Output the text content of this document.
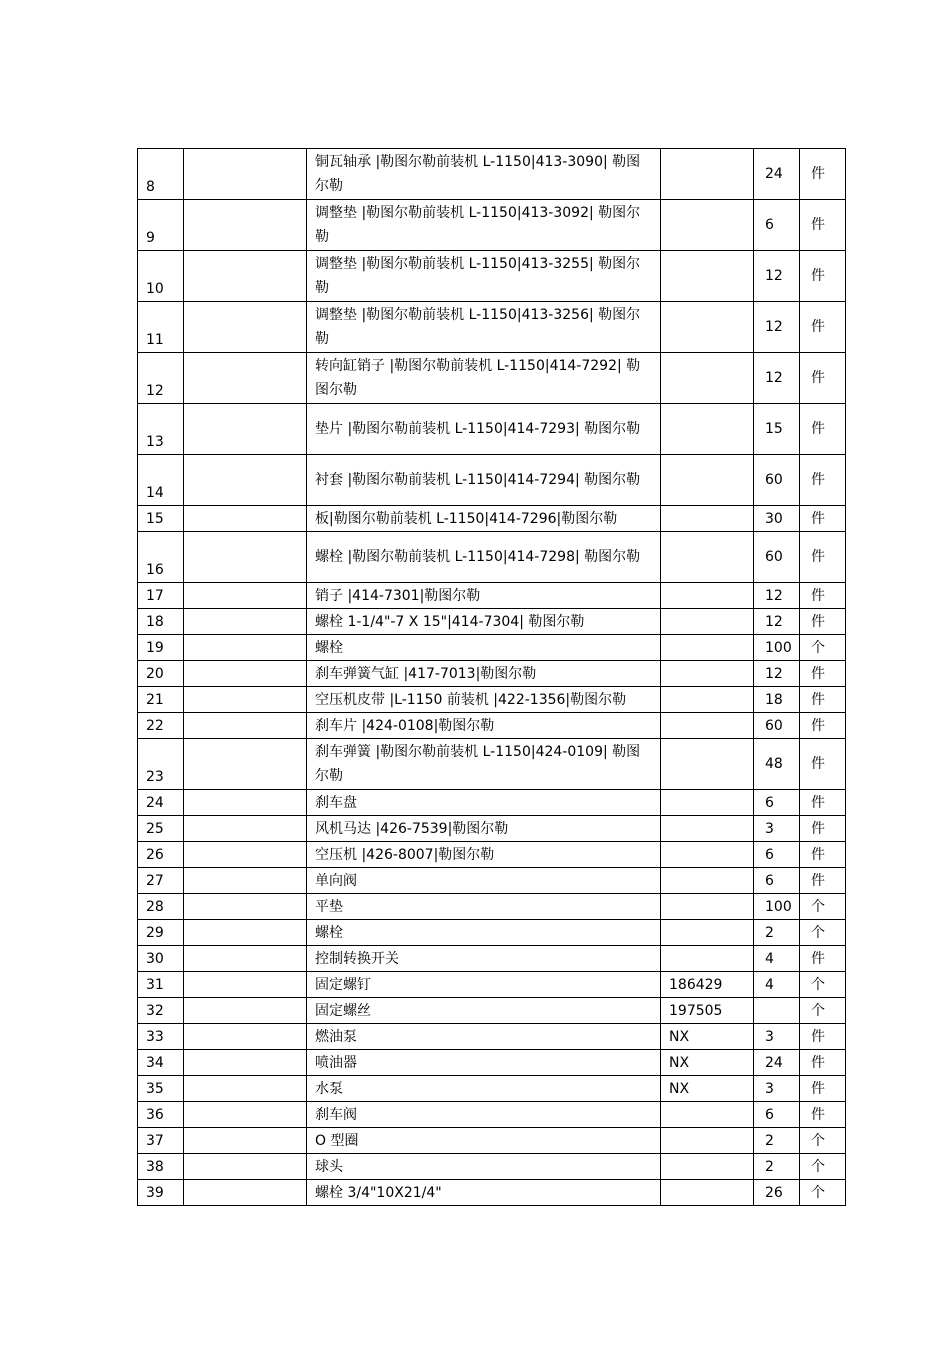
8		铜瓦轴承 |勒图尔勒前装机 L-1150|413-3090| 勒图尔勒		24	件
9		调整垫 |勒图尔勒前装机 L-1150|413-3092| 勒图尔勒		6	件
10		调整垫 |勒图尔勒前装机 L-1150|413-3255| 勒图尔勒		12	件
11		调整垫 |勒图尔勒前装机 L-1150|413-3256| 勒图尔勒		12	件
12		转向缸销子 |勒图尔勒前装机 L-1150|414-7292| 勒图尔勒		12	件
13		垫片 |勒图尔勒前装机 L-1150|414-7293| 勒图尔勒		15	件
14		衬套 |勒图尔勒前装机 L-1150|414-7294| 勒图尔勒		60	件
15		板|勒图尔勒前装机 L-1150|414-7296|勒图尔勒		30	件
16		螺栓 |勒图尔勒前装机 L-1150|414-7298| 勒图尔勒		60	件
17		销子 |414-7301|勒图尔勒		12	件
18		螺栓 1-1/4"-7 X 15"|414-7304| 勒图尔勒		12	件
19		螺栓		100	个
20		刹车弹簧气缸 |417-7013|勒图尔勒		12	件
21		空压机皮带 |L-1150 前装机 |422-1356|勒图尔勒		18	件
22		刹车片 |424-0108|勒图尔勒		60	件
23		刹车弹簧 |勒图尔勒前装机 L-1150|424-0109| 勒图尔勒		48	件
24		刹车盘		6	件
25		风机马达 |426-7539|勒图尔勒		3	件
26		空压机 |426-8007|勒图尔勒		6	件
27		单向阀		6	件
28		平垫		100	个
29		螺栓		2	个
30		控制转换开关		4	件
31		固定螺钉	186429	4	个
32		固定螺丝	197505		个
33		燃油泵	NX	3	件
34		喷油器	NX	24	件
35		水泵	NX	3	件
36		刹车阀		6	件
37		O 型圈		2	个
38		球头		2	个
39		螺栓 3/4"10X21/4"		26	个
